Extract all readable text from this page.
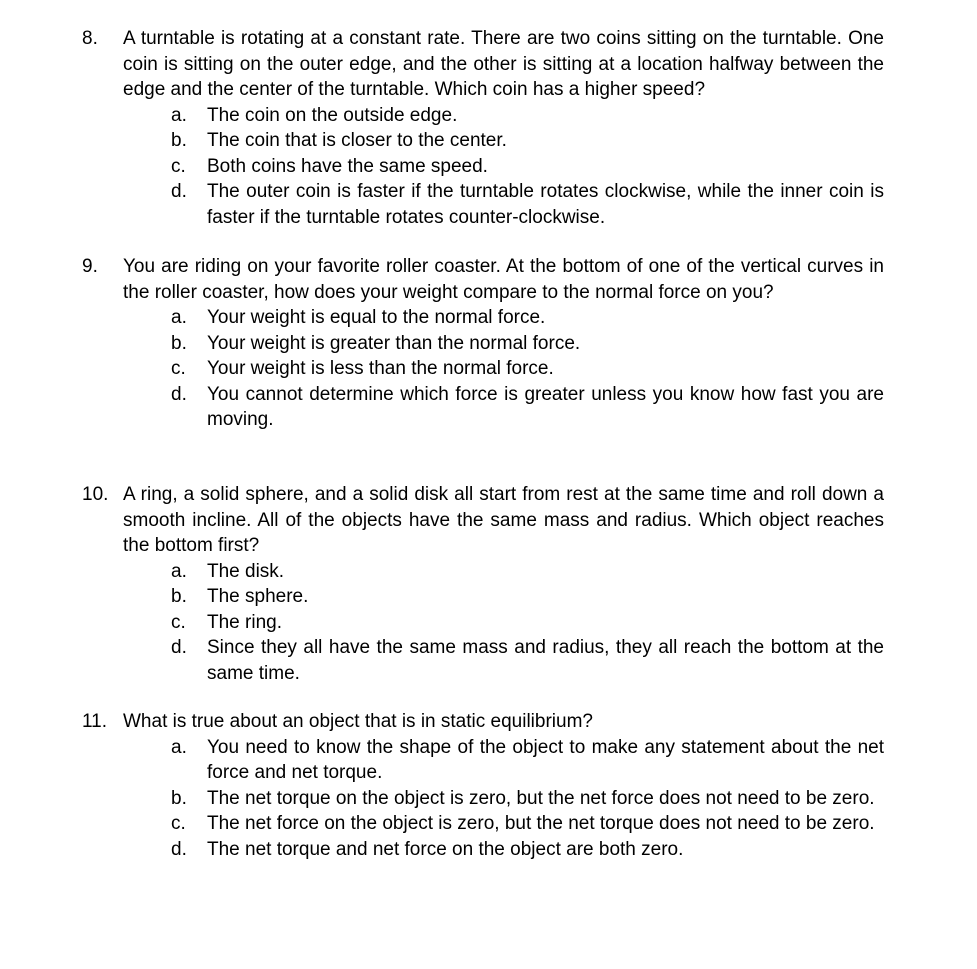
8.	A turntable is rotating at a constant rate. There are two coins sitting on the turntable. One coin is sitting on the outer edge, and the other is sitting at a location halfway between the edge and the center of the turntable. Which coin has a higher speed?
a.	The coin on the outside edge.
b.	The coin that is closer to the center.
c.	Both coins have the same speed.
d.	The outer coin is faster if the turntable rotates clockwise, while the inner coin is faster if the turntable rotates counter-clockwise.
9.	You are riding on your favorite roller coaster. At the bottom of one of the vertical curves in the roller coaster, how does your weight compare to the normal force on you?
a.	Your weight is equal to the normal force.
b.	Your weight is greater than the normal force.
c.	Your weight is less than the normal force.
d.	You cannot determine which force is greater unless you know how fast you are moving.
10. A ring, a solid sphere, and a solid disk all start from rest at the same time and roll down a smooth incline. All of the objects have the same mass and radius. Which object reaches the bottom first?
a.	The disk.
b.	The sphere.
c.	The ring.
d.	Since they all have the same mass and radius, they all reach the bottom at the same time.
11. What is true about an object that is in static equilibrium?
a.	You need to know the shape of the object to make any statement about the net force and net torque.
b.	The net torque on the object is zero, but the net force does not need to be zero.
c.	The net force on the object is zero, but the net torque does not need to be zero.
d.	The net torque and net force on the object are both zero.
